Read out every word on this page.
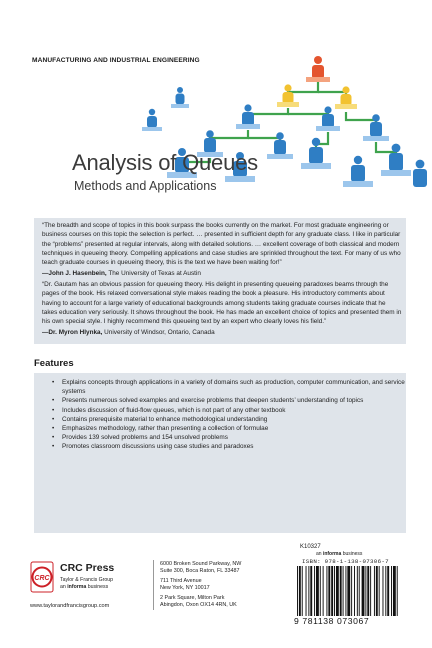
MANUFACTURING AND INDUSTRIAL ENGINEERING
Analysis of Queues
Methods and Applications

“The breadth and scope of topics in this book surpass the books currently on the market. For most graduate engineering or business courses on this topic the selection is perfect. … presented in sufficient depth for any graduate class. I like in particular the “problems” presented at regular intervals, along with detailed solutions. … excellent coverage of both classical and modern techniques in queueing theory. Compelling applications and case studies are sprinkled throughout the text. For many of us who teach graduate courses in queueing theory, this is the text we have been waiting for!”

—John J. Hasenbein, The University of Texas at Austin

“Dr. Gautam has an obvious passion for queueing theory. His delight in presenting queueing paradoxes beams through the pages of the book. His relaxed conversational style makes reading the book a pleasure. His introductory comments about having to account for a large variety of educational backgrounds among students taking graduate courses indicate that he takes education very seriously. It shows throughout the book. He has made an excellent choice of topics and presented them in his own special style. I highly recommend this queueing text by an expert who clearly loves his field.”

—Dr. Myron Hlynka, University of Windsor, Ontario, Canada

Features
• Explains concepts through applications in a variety of domains such as production, computer communication, and service systems
• Presents numerous solved examples and exercise problems that deepen students’ understanding of topics
• Includes discussion of fluid-flow queues, which is not part of any other textbook
• Contains prerequisite material to enhance methodological understanding
• Emphasizes methodology, rather than presenting a collection of formulae
• Provides 139 solved problems and 154 unsolved problems
• Promotes classroom discussions using case studies and paradoxes
CRC
CRC Press
Taylor & Francis Group
an informa business
www.taylorandfrancisgroup.com

6000 Broken Sound Parkway, NW

Suite 300, Boca Raton, FL 33487

711 Third Avenue

New York, NY 10017

2 Park Square, Milton Park

Abingdon, Oxon OX14 4RN, UK

K10327
an informa business
ISBN: 978-1-138-07306-7
9 781138 073067
